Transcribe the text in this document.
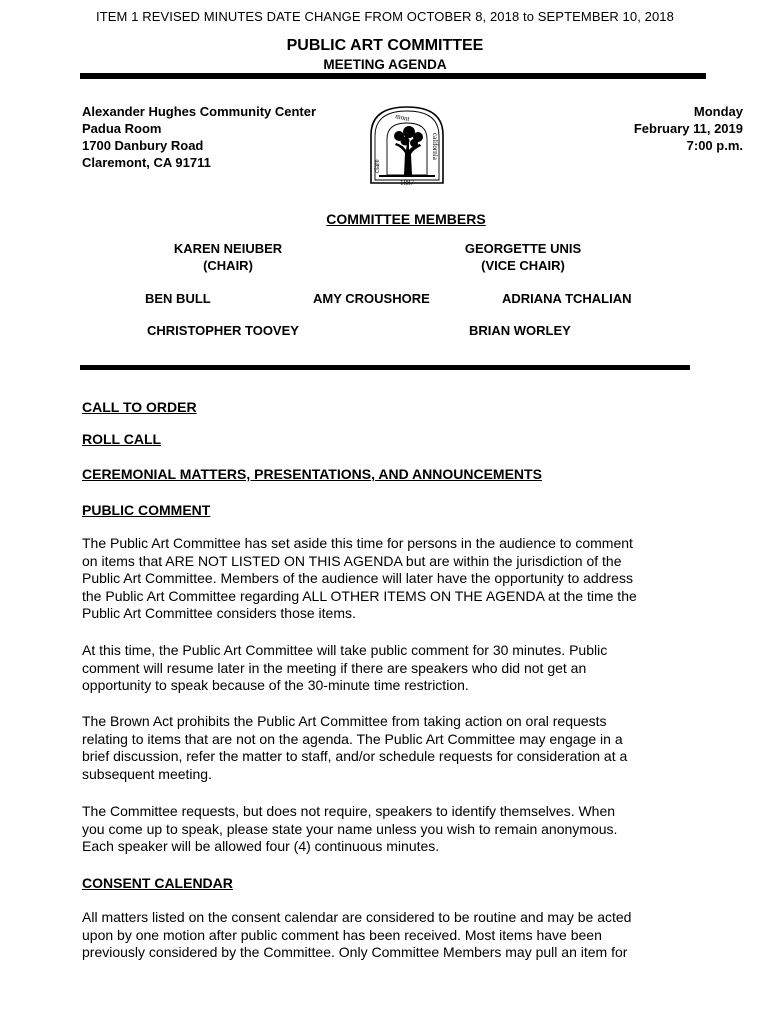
ITEM 1 REVISED MINUTES DATE CHANGE FROM OCTOBER 8, 2018 to SEPTEMBER 10, 2018
PUBLIC ART COMMITTEE
MEETING AGENDA
Alexander Hughes Community Center
Padua Room
1700 Danbury Road
Claremont, CA 91711
1887
clare
mont
california
Monday
February 11, 2019
7:00 p.m.
COMMITTEE MEMBERS
KAREN NEIUBER
(CHAIR)
GEORGETTE UNIS
(VICE CHAIR)
BEN BULL	AMY CROUSHORE	ADRIANA TCHALIAN
CHRISTOPHER TOOVEY	BRIAN WORLEY
CALL TO ORDER
ROLL CALL
CEREMONIAL MATTERS, PRESENTATIONS, AND ANNOUNCEMENTS
PUBLIC COMMENT
The Public Art Committee has set aside this time for persons in the audience to comment
on items that ARE NOT LISTED ON THIS AGENDA but are within the jurisdiction of the
Public Art Committee. Members of the audience will later have the opportunity to address
the Public Art Committee regarding ALL OTHER ITEMS ON THE AGENDA at the time the
Public Art Committee considers those items.
At this time, the Public Art Committee will take public comment for 30 minutes. Public
comment will resume later in the meeting if there are speakers who did not get an
opportunity to speak because of the 30-minute time restriction.
The Brown Act prohibits the Public Art Committee from taking action on oral requests
relating to items that are not on the agenda. The Public Art Committee may engage in a
brief discussion, refer the matter to staff, and/or schedule requests for consideration at a
subsequent meeting.
The Committee requests, but does not require, speakers to identify themselves. When
you come up to speak, please state your name unless you wish to remain anonymous.
Each speaker will be allowed four (4) continuous minutes.
CONSENT CALENDAR
All matters listed on the consent calendar are considered to be routine and may be acted
upon by one motion after public comment has been received. Most items have been
previously considered by the Committee. Only Committee Members may pull an item for
